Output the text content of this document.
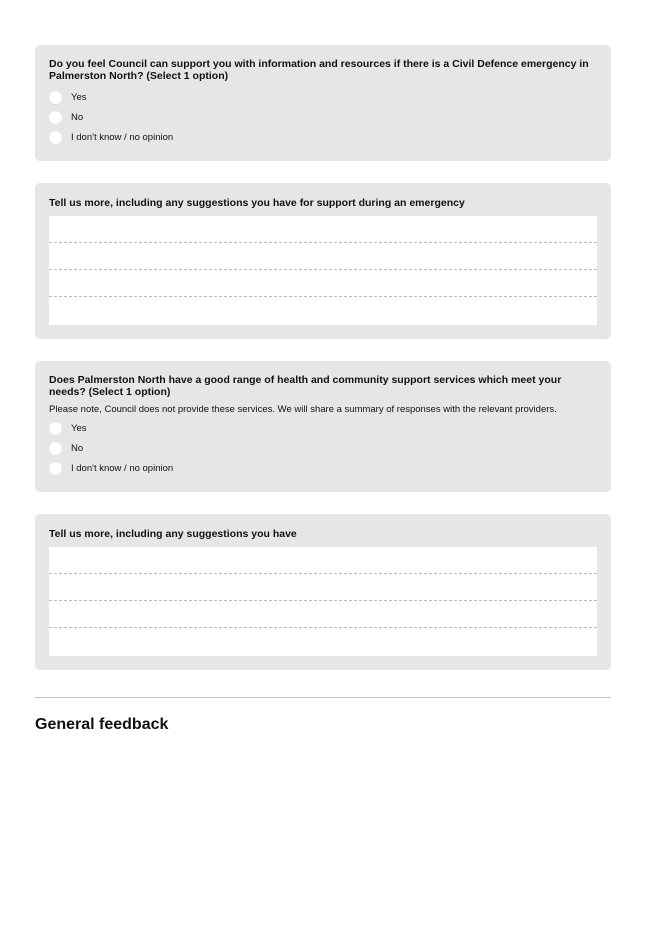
Do you feel Council can support you with information and resources if there is a Civil Defence emergency in Palmerston North? (Select 1 option)
Yes
No
I don't know / no opinion
Tell us more, including any suggestions you have for support during an emergency
Does Palmerston North have a good range of health and community support services which meet your needs? (Select 1 option)
Please note, Council does not provide these services. We will share a summary of responses with the relevant providers.
Yes
No
I don't know / no opinion
Tell us more, including any suggestions you have
General feedback
